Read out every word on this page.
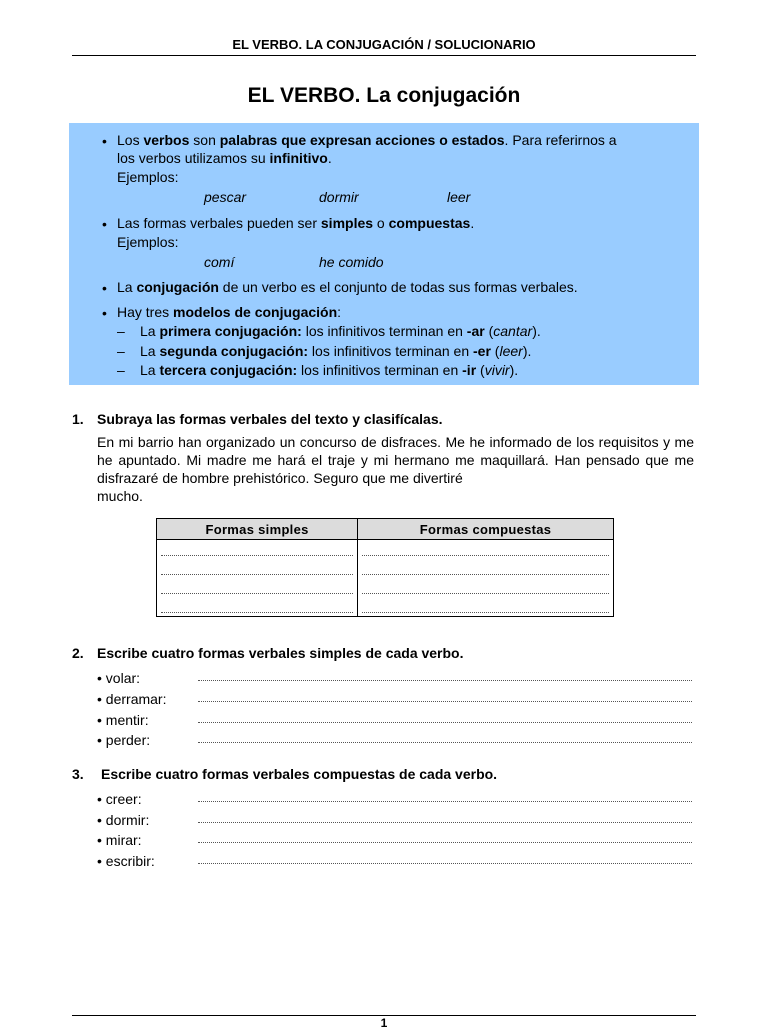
EL VERBO. LA CONJUGACIÓN / SOLUCIONARIO
EL VERBO. La conjugación
• Los verbos son palabras que expresan acciones o estados. Para referirnos a
los verbos utilizamos su infinitivo.
Ejemplos:
pescar	dormir	leer
• Las formas verbales pueden ser simples o compuestas.
Ejemplos:
comí	he comido
• La conjugación de un verbo es el conjunto de todas sus formas verbales.
• Hay tres modelos de conjugación:
– La primera conjugación: los infinitivos terminan en -ar (cantar).
– La segunda conjugación: los infinitivos terminan en -er (leer).
– La tercera conjugación: los infinitivos terminan en -ir (vivir).
1. Subraya las formas verbales del texto y clasifícalas.
En mi barrio han organizado un concurso de disfraces. Me he informado de los requisitos y me he apuntado. Mi madre me hará el traje y mi hermano me maquillará. Han pensado que me disfrazaré de hombre prehistórico. Seguro que me divertiré
mucho.
Formas simples	Formas compuestas

2. Escribe cuatro formas verbales simples de cada verbo.
• volar:
• derramar:
• mentir:
• perder:
3. Escribe cuatro formas verbales compuestas de cada verbo.
• creer:
• dormir:
• mirar:
• escribir:
1
